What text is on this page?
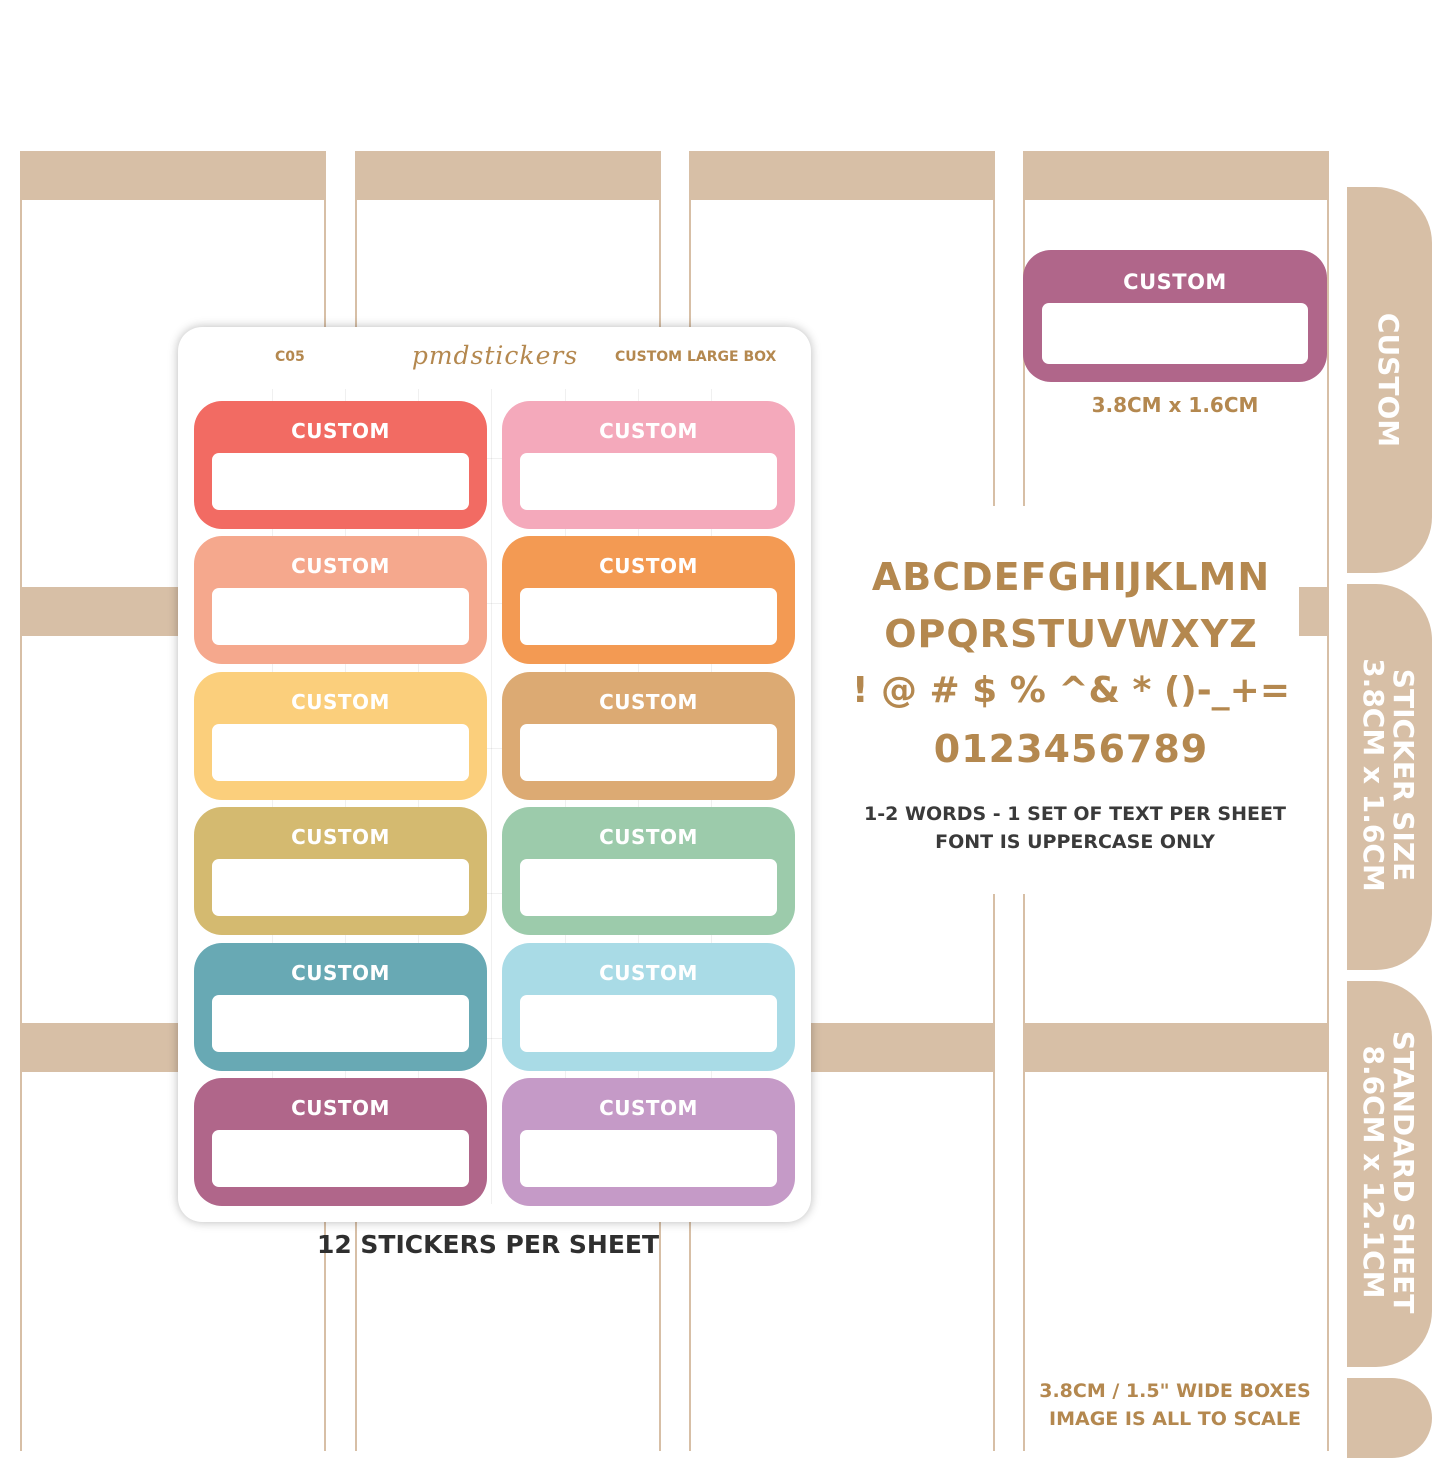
CUSTOM
STICKER SIZE
3.8CM x 1.6CM
STANDARD SHEET
8.6CM x 12.1CM
CUSTOM
3.8CM x 1.6CM
ABCDEFGHIJKLMN
OPQRSTUVWXYZ
! @ # $ % ^& * ()-_+=
0123456789
1-2 WORDS - 1 SET OF TEXT PER SHEET
FONT IS UPPERCASE ONLY
C05	pmdstickers	CUSTOM LARGE BOX
CUSTOM	CUSTOM
CUSTOM	CUSTOM
CUSTOM	CUSTOM
CUSTOM	CUSTOM
CUSTOM	CUSTOM
CUSTOM	CUSTOM
12 STICKERS PER SHEET
3.8CM / 1.5" WIDE BOXES
IMAGE IS ALL TO SCALE
